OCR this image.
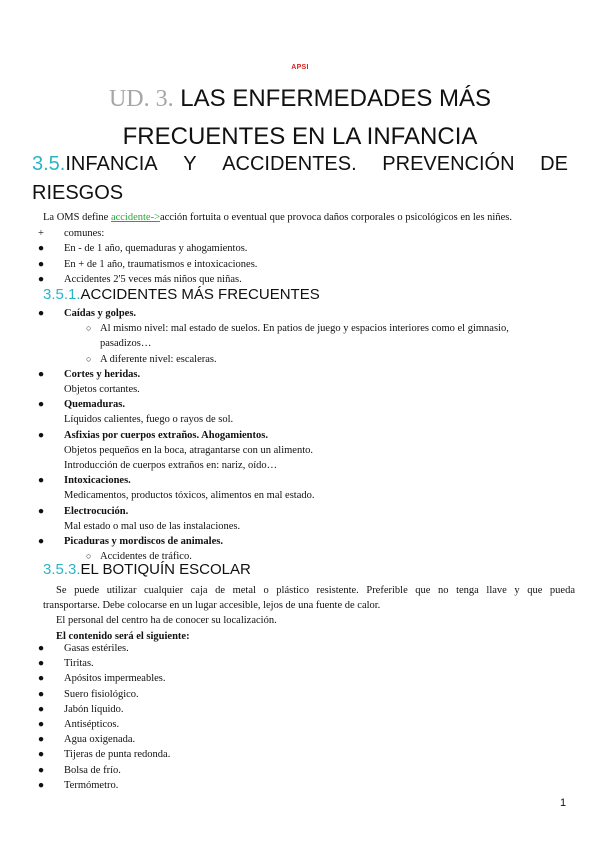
APSI
UD. 3. LAS ENFERMEDADES MÁS
FRECUENTES EN LA INFANCIA
3.5.INFANCIA Y ACCIDENTES. PREVENCIÓN DE
RIESGOS
La OMS define accidente->acción fortuita o eventual que provoca daños corporales o psicológicos en les niñes.
+ comunes:
● En - de 1 año, quemaduras y ahogamientos.
● En + de 1 año, traumatismos e intoxicaciones.
● Accidentes 2'5 veces más niños que niñas.
3.5.1.ACCIDENTES MÁS FRECUENTES
● Caídas y golpes.
○ Al mismo nivel: mal estado de suelos. En patios de juego y espacios interiores como el gimnasio,
pasadizos…
○ A diferente nivel: escaleras.
● Cortes y heridas.
Objetos cortantes.
● Quemaduras.
Líquidos calientes, fuego o rayos de sol.
● Asfixias por cuerpos extraños. Ahogamientos.
Objetos pequeños en la boca, atragantarse con un alimento.
Introducción de cuerpos extraños en: nariz, oído…
● Intoxicaciones.
Medicamentos, productos tóxicos, alimentos en mal estado.
● Electrocución.
Mal estado o mal uso de las instalaciones.
● Picaduras y mordiscos de animales.
○ Accidentes de tráfico.
3.5.3.EL BOTIQUÍN ESCOLAR
Se puede utilizar cualquier caja de metal o plástico resistente. Preferible que no tenga llave y que pueda
transportarse. Debe colocarse en un lugar accesible, lejos de una fuente de calor.
El personal del centro ha de conocer su localización.
El contenido será el siguiente:
● Gasas estériles.
● Tiritas.
● Apósitos impermeables.
● Suero fisiológico.
● Jabón líquido.
● Antisépticos.
● Agua oxigenada.
● Tijeras de punta redonda.
● Bolsa de frío.
● Termómetro.
1
